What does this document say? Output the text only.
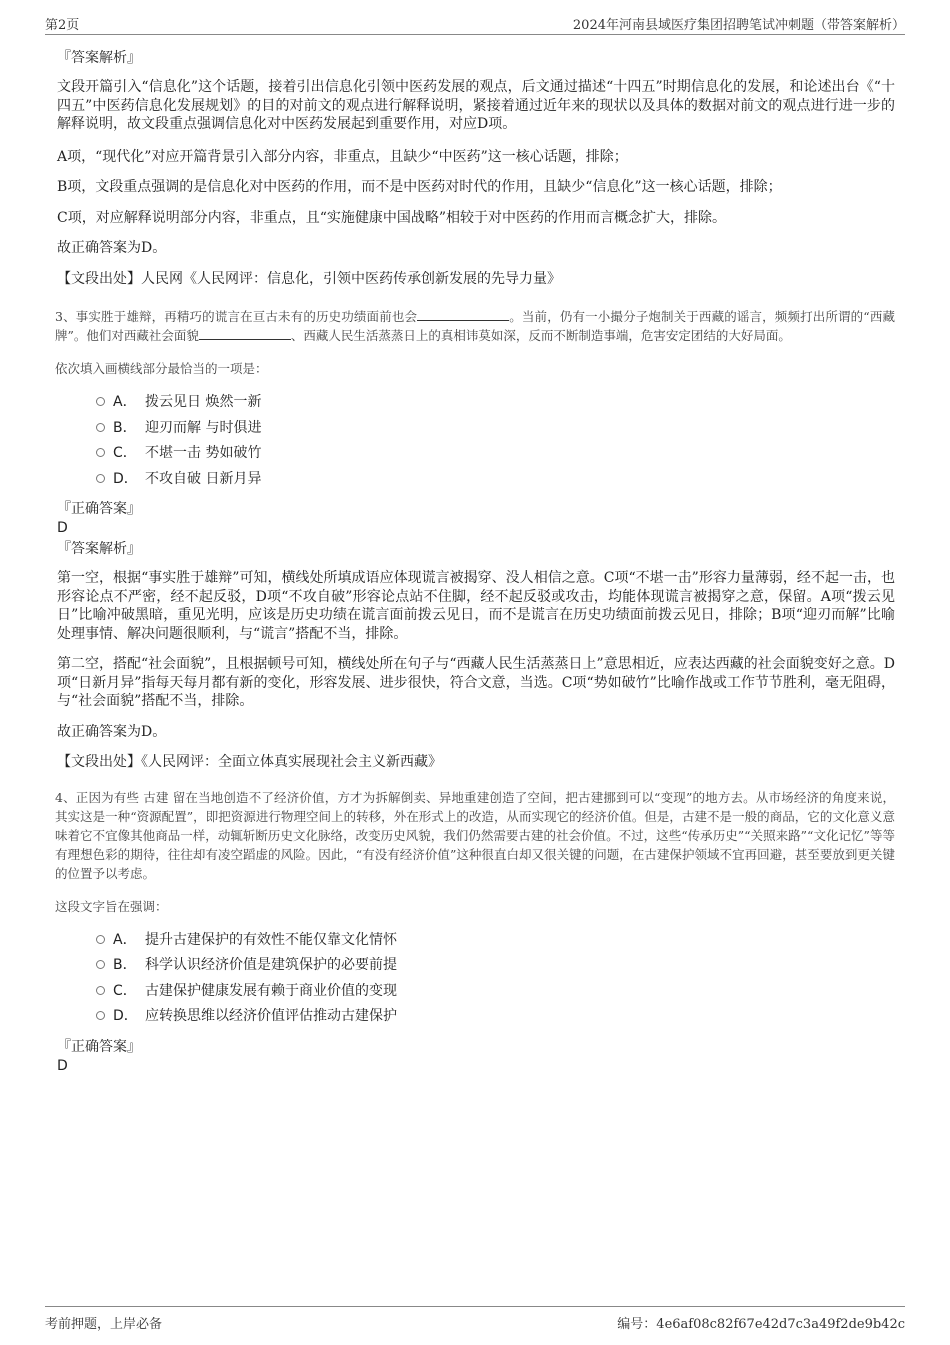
第2页	2024年河南县域医疗集团招聘笔试冲刺题（带答案解析）
『答案解析』

文段开篇引入“信息化”这个话题，接着引出信息化引领中医药发展的观点，后文通过描述“十四五”时期信息化的发展，和论述出台《“十四五”中医药信息化发展规划》的目的对前文的观点进行解释说明，紧接着通过近年来的现状以及具体的数据对前文的观点进行进一步的解释说明，故文段重点强调信息化对中医药发展起到重要作用，对应D项。

A项，“现代化”对应开篇背景引入部分内容，非重点，且缺少“中医药”这一核心话题，排除；

B项，文段重点强调的是信息化对中医药的作用，而不是中医药对时代的作用，且缺少“信息化”这一核心话题，排除；

C项，对应解释说明部分内容，非重点，且“实施健康中国战略”相较于对中医药的作用而言概念扩大，排除。

故正确答案为D。

【文段出处】人民网《人民网评：信息化，引领中医药传承创新发展的先导力量》

3、事实胜于雄辩，再精巧的谎言在亘古未有的历史功绩面前也会	。当前，仍有一小撮分子炮制关于西藏的谣言，频频打出所谓的“西藏牌”。他们对西藏社会面貌	、西藏人民生活蒸蒸日上的真相讳莫如深，反而不断制造事端，危害安定团结的大好局面。

依次填入画横线部分最恰当的一项是：

A． 拨云见日 焕然一新
B． 迎刃而解 与时俱进
C． 不堪一击 势如破竹
D． 不攻自破 日新月异
『正确答案』
D
『答案解析』

第一空，根据“事实胜于雄辩”可知，横线处所填成语应体现谎言被揭穿、没人相信之意。C项“不堪一击”形容力量薄弱，经不起一击，也形容论点不严密，经不起反驳，D项“不攻自破”形容论点站不住脚，经不起反驳或攻击，均能体现谎言被揭穿之意，保留。A项“拨云见日”比喻冲破黑暗，重见光明，应该是历史功绩在谎言面前拨云见日，而不是谎言在历史功绩面前拨云见日，排除；B项“迎刃而解”比喻处理事情、解决问题很顺利，与“谎言”搭配不当，排除。

第二空，搭配“社会面貌”，且根据顿号可知，横线处所在句子与“西藏人民生活蒸蒸日上”意思相近，应表达西藏的社会面貌变好之意。D项“日新月异”指每天每月都有新的变化，形容发展、进步很快，符合文意，当选。C项“势如破竹”比喻作战或工作节节胜利，毫无阻碍，与“社会面貌”搭配不当，排除。

故正确答案为D。

【文段出处】《人民网评：全面立体真实展现社会主义新西藏》

4、正因为有些 古建 留在当地创造不了经济价值，方才为拆解倒卖、异地重建创造了空间，把古建挪到可以“变现”的地方去。从市场经济的角度来说，其实这是一种“资源配置”，即把资源进行物理空间上的转移，外在形式上的改造，从而实现它的经济价值。但是，古建不是一般的商品，它的文化意义意味着它不宜像其他商品一样，动辄斩断历史文化脉络，改变历史风貌，我们仍然需要古建的社会价值。不过，这些“传承历史”“关照来路”“文化记忆”等等有理想色彩的期待，往往却有凌空蹈虚的风险。因此，“有没有经济价值”这种很直白却又很关键的问题，在古建保护领域不宜再回避，甚至要放到更关键的位置予以考虑。

这段文字旨在强调：

A． 提升古建保护的有效性不能仅靠文化情怀
B． 科学认识经济价值是建筑保护的必要前提
C． 古建保护健康发展有赖于商业价值的变现
D． 应转换思维以经济价值评估推动古建保护
『正确答案』
D
考前押题，上岸必备	编号：4e6af08c82f67e42d7c3a49f2de9b42c
